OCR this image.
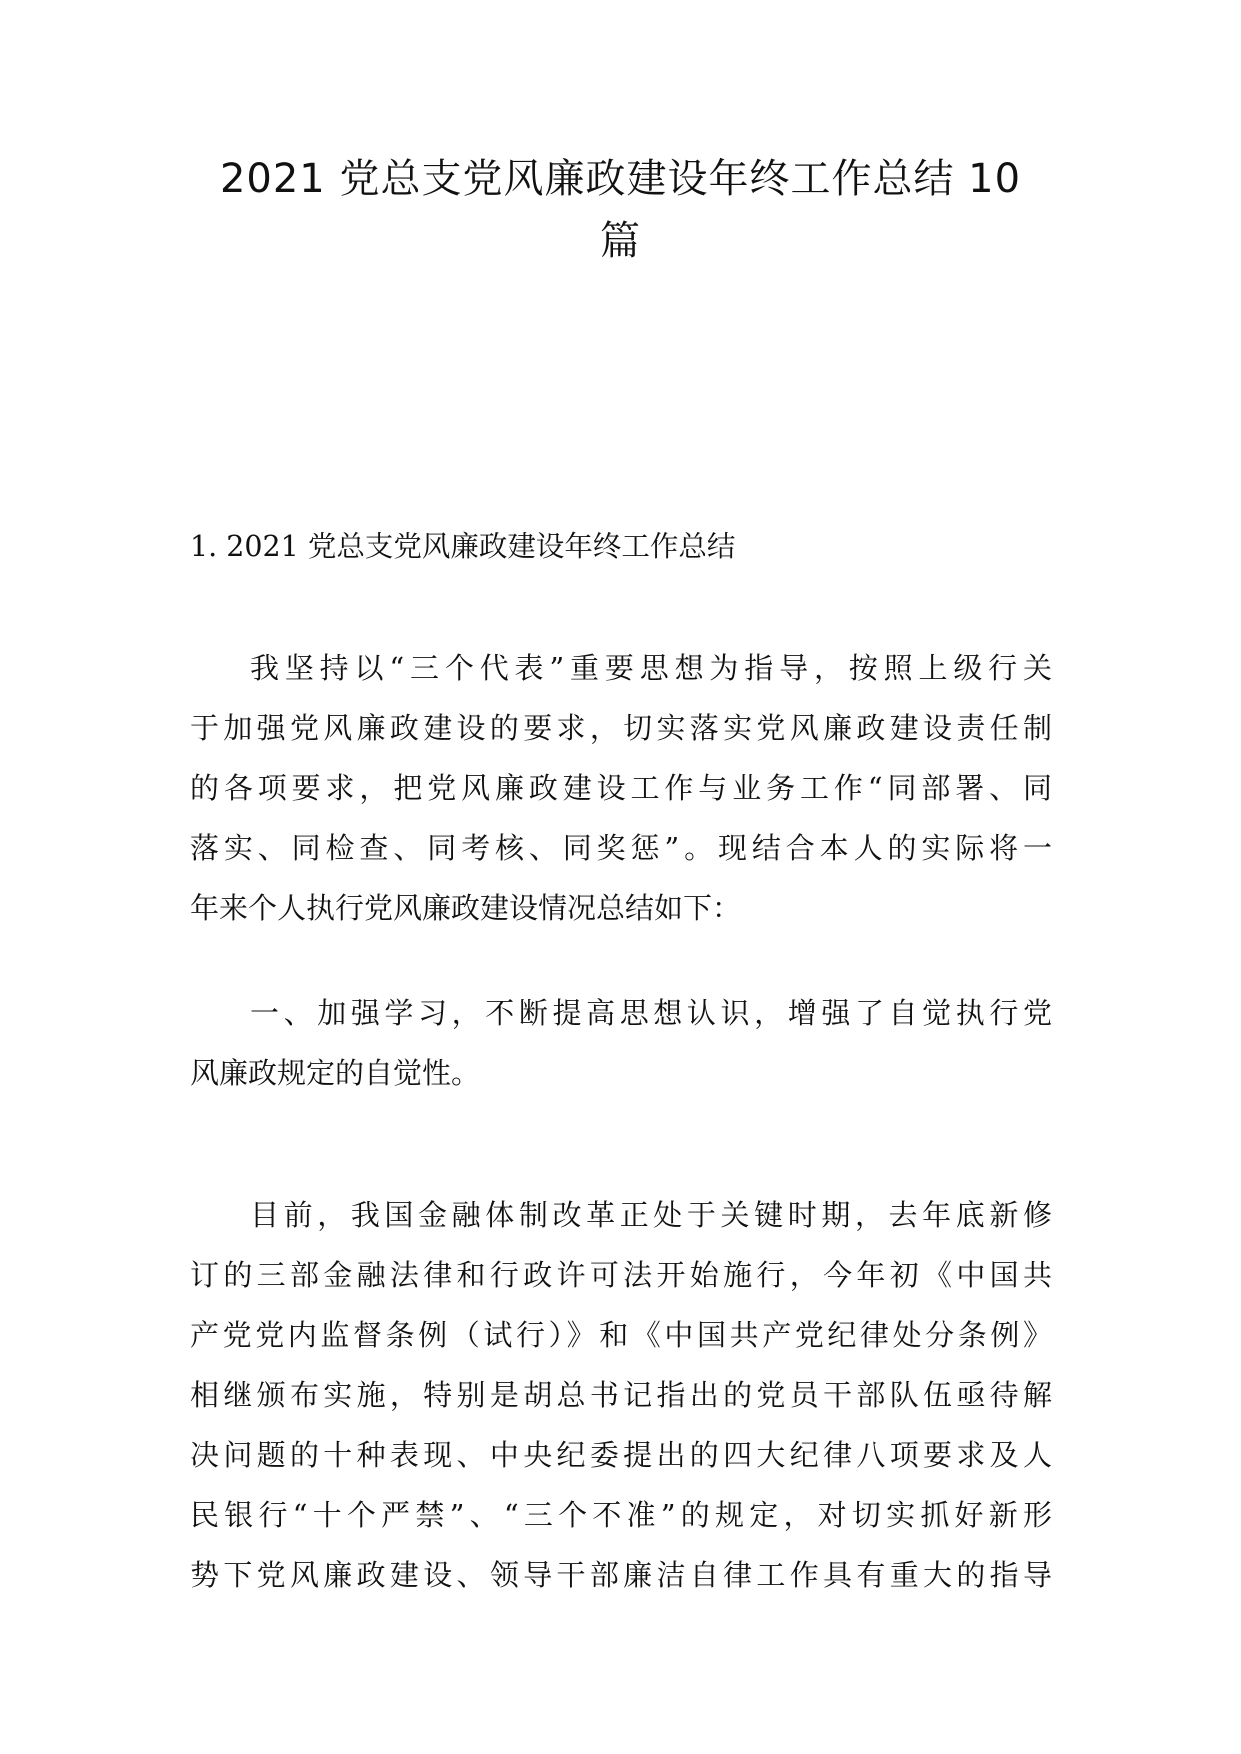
2021 党总支党风廉政建设年终工作总结 10
篇
1. 2021 党总支党风廉政建设年终工作总结
我坚持以“三个代表”重要思想为指导，按照上级行关
于加强党风廉政建设的要求，切实落实党风廉政建设责任制
的各项要求，把党风廉政建设工作与业务工作“同部署、同
落实、同检查、同考核、同奖惩”。现结合本人的实际将一
年来个人执行党风廉政建设情况总结如下：
一、加强学习，不断提高思想认识，增强了自觉执行党
风廉政规定的自觉性。
目前，我国金融体制改革正处于关键时期，去年底新修
订的三部金融法律和行政许可法开始施行，今年初《中国共
产党党内监督条例（试行）》和《中国共产党纪律处分条例》
相继颁布实施，特别是胡总书记指出的党员干部队伍亟待解
决问题的十种表现、中央纪委提出的四大纪律八项要求及人
民银行“十个严禁”、“三个不准”的规定，对切实抓好新形
势下党风廉政建设、领导干部廉洁自律工作具有重大的指导
